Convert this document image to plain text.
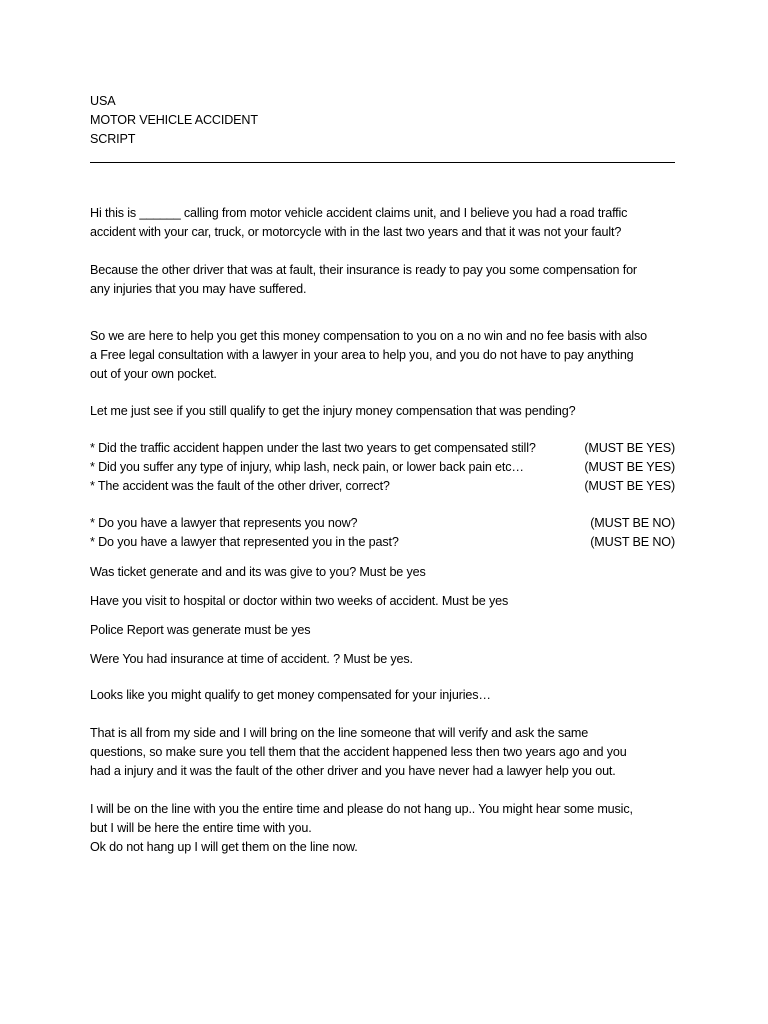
USA
MOTOR VEHICLE ACCIDENT
SCRIPT
Hi this is ______ calling from motor vehicle accident claims unit, and I believe you had a road traffic
accident with your car, truck, or motorcycle with in the last two years and that it was not your fault?
Because the other driver that was at fault, their insurance is ready to pay you some compensation for
any injuries that you may have suffered.
So we are here to help you get this money compensation to you on a no win and no fee basis with also
a Free legal consultation with a lawyer in your area to help you, and you do not have to pay anything
out of your own pocket.
Let me just see if you still qualify to get the injury money compensation that was pending?
* Did the traffic accident happen under the last two years to get compensated still?	(MUST BE YES)
* Did you suffer any type of injury, whip lash, neck pain, or lower back pain etc…	(MUST BE YES)
* The accident was the fault of the other driver, correct?	(MUST BE YES)
* Do you have a lawyer that represents you now?	(MUST BE NO)
* Do you have a lawyer that represented you in the past?	(MUST BE NO)
Was ticket generate and and its was give to you? Must be yes
Have you visit to hospital or doctor within two weeks of accident. Must be yes
Police Report was generate must be yes
Were You had insurance at time of accident. ? Must be yes.
Looks like you might qualify to get money compensated for your injuries…
That is all from my side and I will bring on the line someone that will verify and ask the same
questions, so make sure you tell them that the accident happened less then two years ago and you
had a injury and it was the fault of the other driver and you have never had a lawyer help you out.
I will be on the line with you the entire time and please do not hang up.. You might hear some music,
but I will be here the entire time with you.
Ok do not hang up I will get them on the line now.
